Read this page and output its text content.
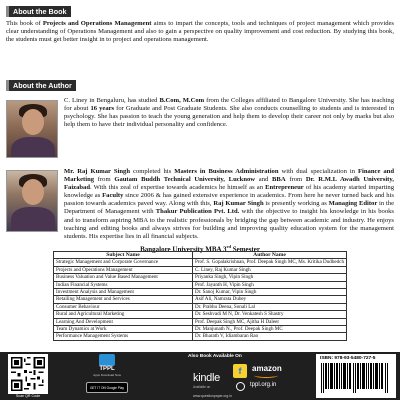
About the Book

This book of Projects and Operations Management aims to impart the concepts, tools and techniques of project management which provides clear understanding of Operations Management and also to gain a perspective on quality improvement and cost reduction. By studying this book, the students must get better insight in to project and operations management.

About the Author

C. Liney in Bengaluru, has studied B.Com, M.Com from the Colleges affiliated to Bangalore University. She has teaching for about 16 years for Graduate and Post Graduate Students. She also conducts counselling to students and is interested in psychology. She has passion to teach the young generation and help them to develop their career not only by marks but also help them to have their individual personality and confidence.

Mr. Raj Kumar Singh completed his Masters in Business Administration with dual specialization in Finance and Marketing from Gautam Buddh Technical University, Lucknow and BBA from Dr. R.M.L Awadh University, Faizabad. With this zeal of expertise towards academics he himself as an Entrepreneur of his academy started imparting knowledge as Faculty since 2006 & has gained extensive experience in academics. From here he never turned back and his passion towards academics paved way. Along with this, Raj Kumar Singh is presently working as Managing Editor in the Department of Management with Thakur Publication Pvt. Ltd. with the objective to insight his knowledge in his books and to transform aspiring MBA to the realistic professionals by bridging the gap between academic and industry. He enjoys teaching and editing books and always strives for building and improving quality education system for the management students. His expertise lies in all financial subjects.

Bangalore University MBA 3rd Semester
Subject Name	Author Name
Strategic Management and Corporate Governance	Prof. S. Gopalakrishnan, Prof. Deepak Singh MC, Ms. Kritika Dudhedch
Projects and Operations Management	C. Liney, Raj Kumar Singh
Business Valuation and Value Based Management	Priyanka Singh, Vipin Singh
Indian Financial Systems	Prof. Jayanth H, Vipin Singh
Investment Analysis and Management	Dr. Sanoj Kumar, Vipin Singh
Retailing Management and Services	Asif Ali, Namrata Dubey
Consumer Behaviour	Dr. Prabhu Deena, Sonali Lal
Rural and Agricultural Marketing	Dr. Seshvadi M N, Dr. Venkatesh S Shastry
Learning And Development	Prof. Deepak Singh MC, Ajitha H Daleer
Team Dynamics at Work	Dr. Manjunath N., Prof. Deepak Singh MC
Performance Management Systems	Dr. Bharath V, Idiambaran Rao
Scan QR Code
TPPL
Apps Download Now
GET IT ON Google Play
Also Book Available On
kindle
Available on
f	amazon
tppl.org.in
www.questionpaper.org.in
ISBN: 978-93-5480-727-5
